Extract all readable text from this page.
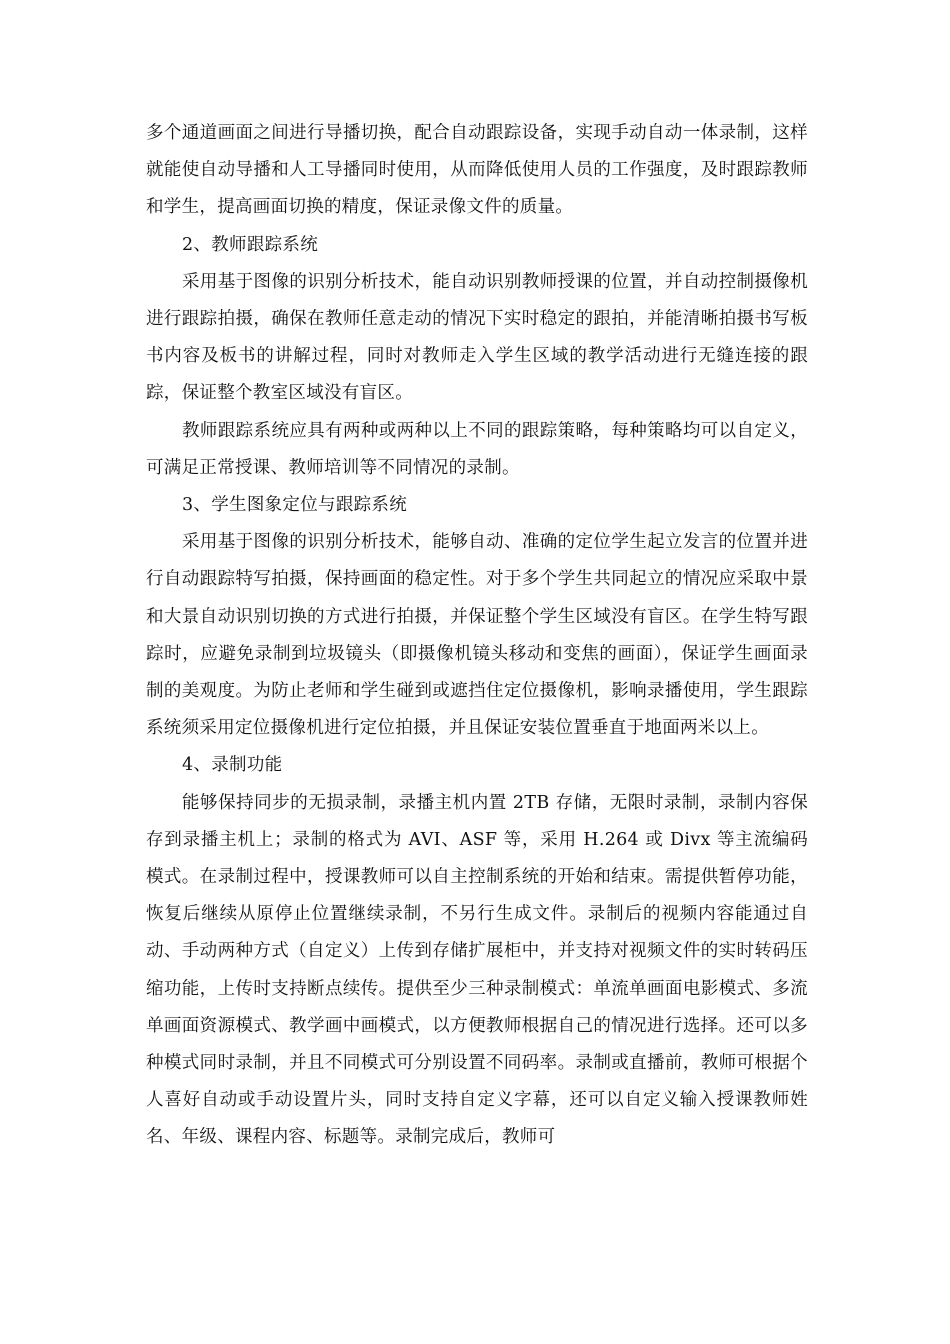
多个通道画面之间进行导播切换，配合自动跟踪设备，实现手动自动一体录制，这样就能使自动导播和人工导播同时使用，从而降低使用人员的工作强度，及时跟踪教师和学生，提高画面切换的精度，保证录像文件的质量。

2、教师跟踪系统

采用基于图像的识别分析技术，能自动识别教师授课的位置，并自动控制摄像机进行跟踪拍摄，确保在教师任意走动的情况下实时稳定的跟拍，并能清晰拍摄书写板书内容及板书的讲解过程，同时对教师走入学生区域的教学活动进行无缝连接的跟踪，保证整个教室区域没有盲区。

教师跟踪系统应具有两种或两种以上不同的跟踪策略，每种策略均可以自定义，可满足正常授课、教师培训等不同情况的录制。

3、学生图象定位与跟踪系统

采用基于图像的识别分析技术，能够自动、准确的定位学生起立发言的位置并进行自动跟踪特写拍摄，保持画面的稳定性。对于多个学生共同起立的情况应采取中景和大景自动识别切换的方式进行拍摄，并保证整个学生区域没有盲区。在学生特写跟踪时，应避免录制到垃圾镜头（即摄像机镜头移动和变焦的画面），保证学生画面录制的美观度。为防止老师和学生碰到或遮挡住定位摄像机，影响录播使用，学生跟踪系统须采用定位摄像机进行定位拍摄，并且保证安装位置垂直于地面两米以上。

4、录制功能

能够保持同步的无损录制，录播主机内置 2TB 存储，无限时录制，录制内容保存到录播主机上；录制的格式为 AVI、ASF 等，采用 H.264 或 Divx 等主流编码模式。在录制过程中，授课教师可以自主控制系统的开始和结束。需提供暂停功能，恢复后继续从原停止位置继续录制，不另行生成文件。录制后的视频内容能通过自动、手动两种方式（自定义）上传到存储扩展柜中，并支持对视频文件的实时转码压缩功能，上传时支持断点续传。提供至少三种录制模式：单流单画面电影模式、多流单画面资源模式、教学画中画模式，以方便教师根据自己的情况进行选择。还可以多种模式同时录制，并且不同模式可分别设置不同码率。录制或直播前，教师可根据个人喜好自动或手动设置片头，同时支持自定义字幕，还可以自定义输入授课教师姓名、年级、课程内容、标题等。录制完成后，教师可
